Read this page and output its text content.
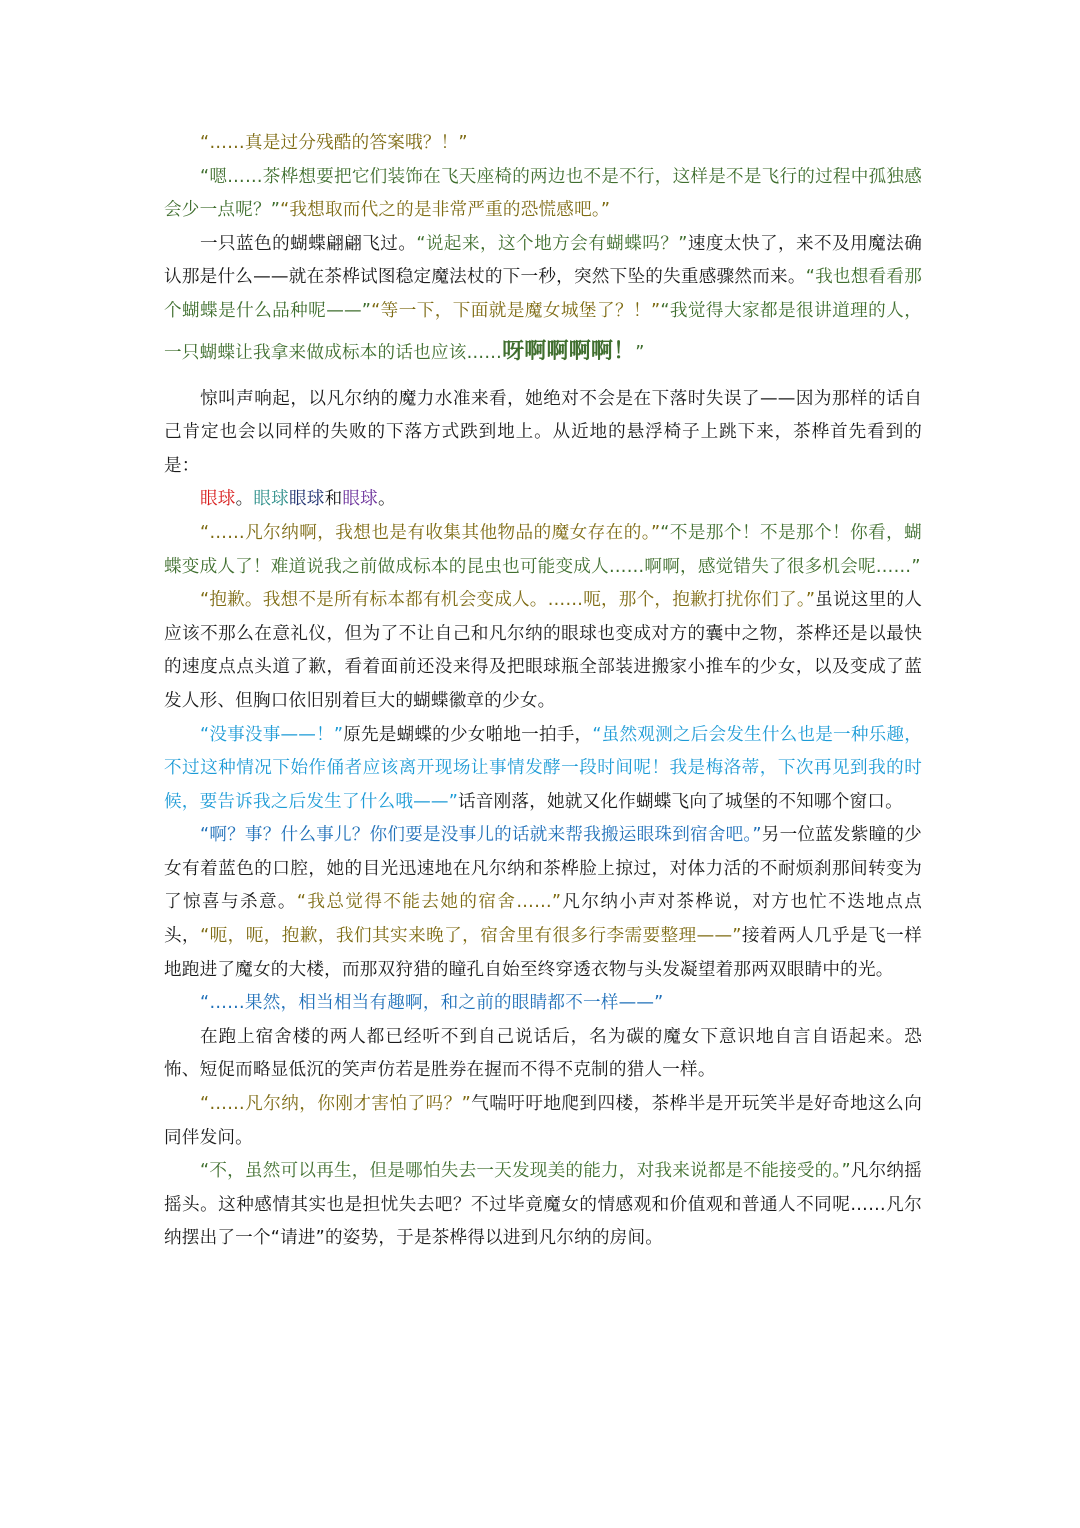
“……真是过分残酷的答案哦？！”

“嗯……茶桦想要把它们装饰在飞天座椅的两边也不是不行，这样是不是飞行的过程中孤独感会少一点呢？”“我想取而代之的是非常严重的恐慌感吧。”

一只蓝色的蝴蝶翩翩飞过。“说起来，这个地方会有蝴蝶吗？”速度太快了，来不及用魔法确认那是什么——就在茶桦试图稳定魔法杖的下一秒，突然下坠的失重感骤然而来。“我也想看看那个蝴蝶是什么品种呢——”“等一下，下面就是魔女城堡了？！”“我觉得大家都是很讲道理的人，一只蝴蝶让我拿来做成标本的话也应该……呀啊啊啊啊！”

惊叫声响起，以凡尔纳的魔力水准来看，她绝对不会是在下落时失误了——因为那样的话自己肯定也会以同样的失败的下落方式跌到地上。从近地的悬浮椅子上跳下来，茶桦首先看到的是：

眼球。眼球眼球和眼球。

“……凡尔纳啊，我想也是有收集其他物品的魔女存在的。”“不是那个！不是那个！你看，蝴蝶变成人了！难道说我之前做成标本的昆虫也可能变成人……啊啊，感觉错失了很多机会呢……”

“抱歉。我想不是所有标本都有机会变成人。……呃，那个，抱歉打扰你们了。”虽说这里的人应该不那么在意礼仪，但为了不让自己和凡尔纳的眼球也变成对方的囊中之物，茶桦还是以最快的速度点点头道了歉，看着面前还没来得及把眼球瓶全部装进搬家小推车的少女，以及变成了蓝发人形、但胸口依旧别着巨大的蝴蝶徽章的少女。

“没事没事——！”原先是蝴蝶的少女啪地一拍手，“虽然观测之后会发生什么也是一种乐趣，不过这种情况下始作俑者应该离开现场让事情发酵一段时间呢！我是梅洛蒂，下次再见到我的时候，要告诉我之后发生了什么哦——”话音刚落，她就又化作蝴蝶飞向了城堡的不知哪个窗口。

“啊？事？什么事儿？你们要是没事儿的话就来帮我搬运眼珠到宿舍吧。”另一位蓝发紫瞳的少女有着蓝色的口腔，她的目光迅速地在凡尔纳和茶桦脸上掠过，对体力活的不耐烦刹那间转变为了惊喜与杀意。“我总觉得不能去她的宿舍……”凡尔纳小声对茶桦说，对方也忙不迭地点点头，“呃，呃，抱歉，我们其实来晚了，宿舍里有很多行李需要整理——”接着两人几乎是飞一样地跑进了魔女的大楼，而那双狩猎的瞳孔自始至终穿透衣物与头发凝望着那两双眼睛中的光。

“……果然，相当相当有趣啊，和之前的眼睛都不一样——”

在跑上宿舍楼的两人都已经听不到自己说话后，名为碳的魔女下意识地自言自语起来。恐怖、短促而略显低沉的笑声仿若是胜券在握而不得不克制的猎人一样。

“……凡尔纳，你刚才害怕了吗？”气喘吁吁地爬到四楼，茶桦半是开玩笑半是好奇地这么向同伴发问。

“不，虽然可以再生，但是哪怕失去一天发现美的能力，对我来说都是不能接受的。”凡尔纳摇摇头。这种感情其实也是担忧失去吧？不过毕竟魔女的情感观和价值观和普通人不同呢……凡尔纳摆出了一个“请进”的姿势，于是茶桦得以进到凡尔纳的房间。
